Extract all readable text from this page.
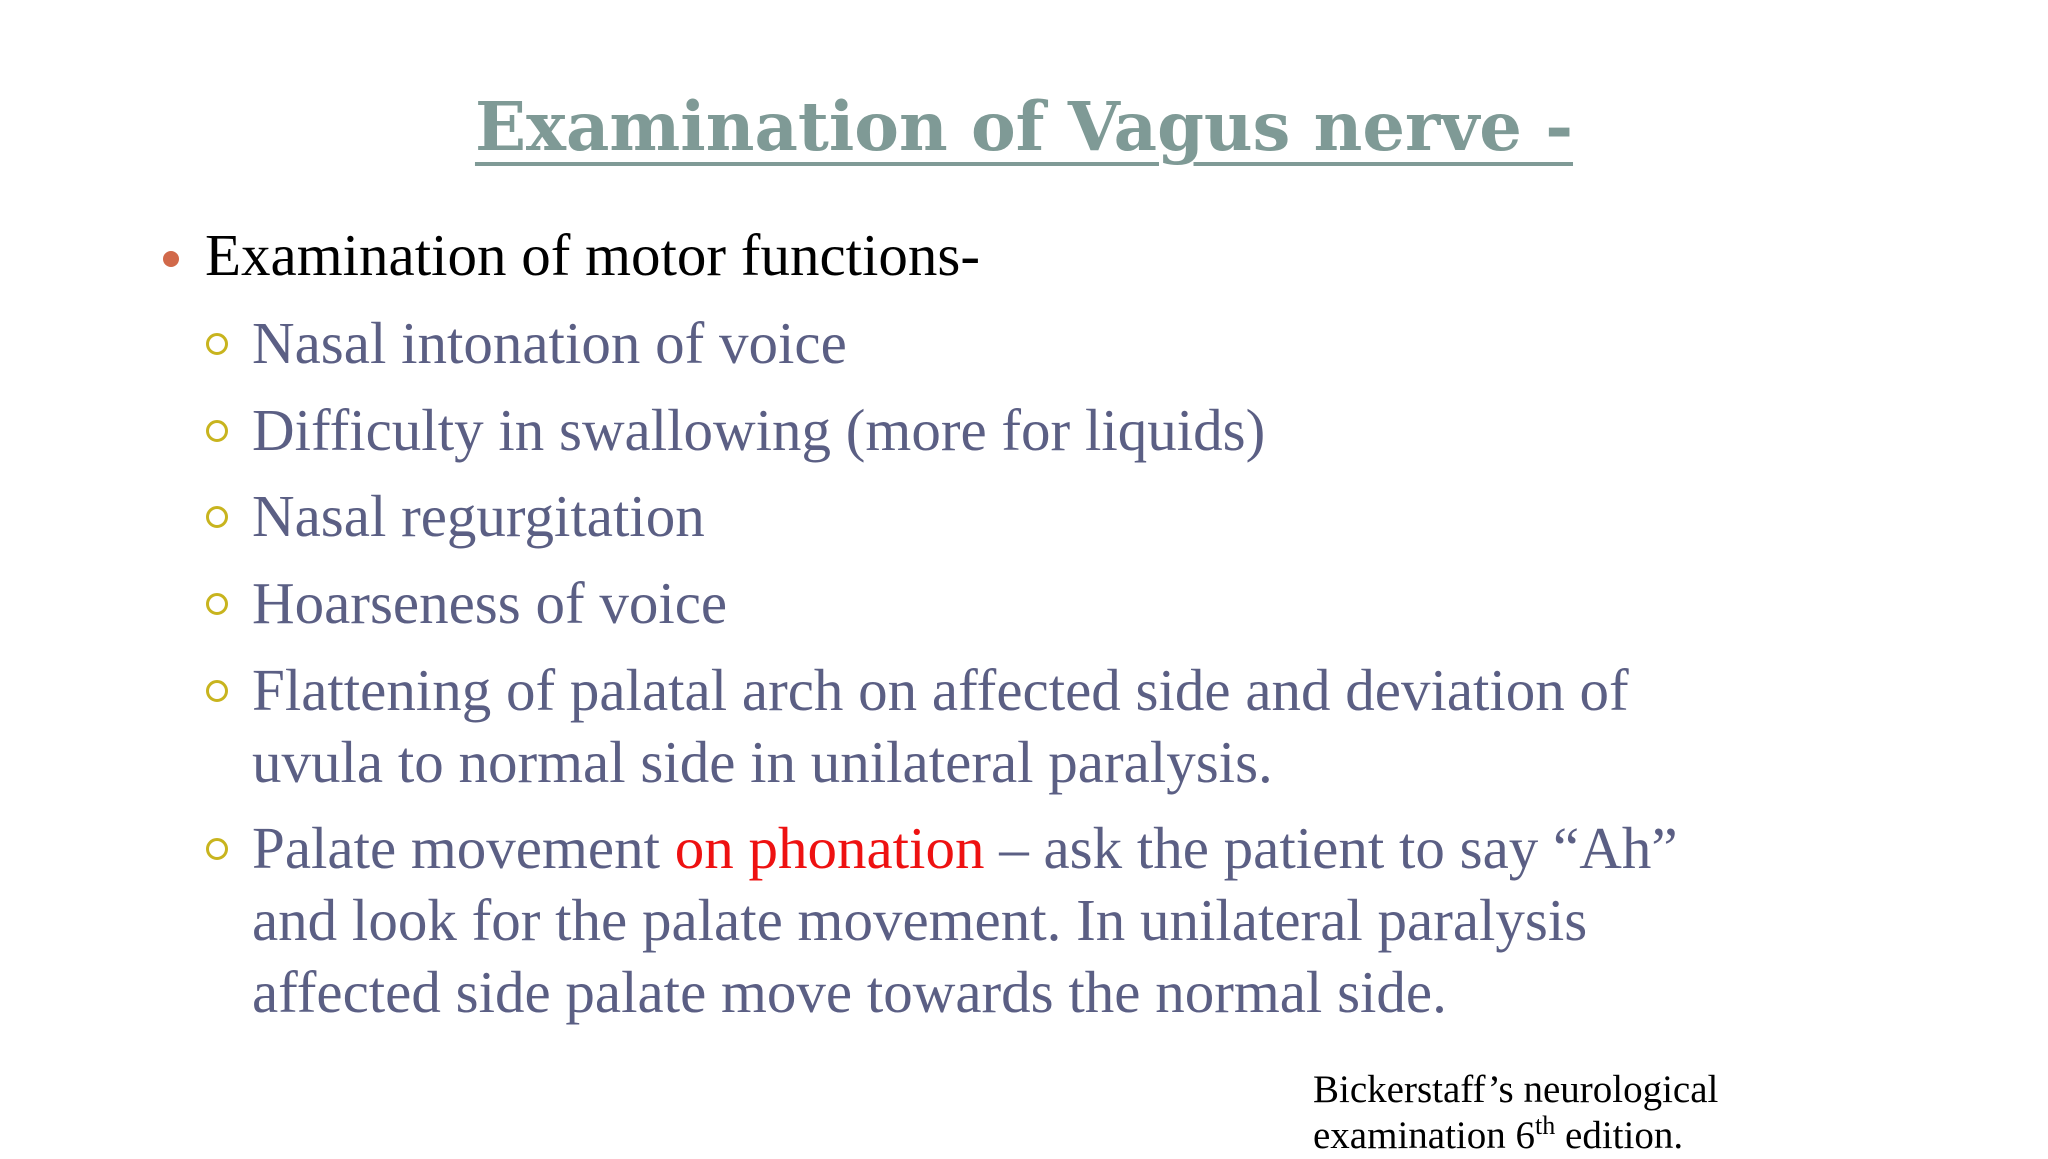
Examination of Vagus nerve -
Examination of motor functions-
Nasal intonation of voice
Difficulty in swallowing (more for liquids)
Nasal regurgitation
Hoarseness of voice
Flattening of palatal arch on affected side and deviation of
uvula to normal side in unilateral paralysis.
Palate movement on phonation – ask the patient to say “Ah”
and look for the palate movement. In unilateral paralysis
affected side palate move towards the normal side.
Bickerstaff’s neurological
examination 6th edition.
